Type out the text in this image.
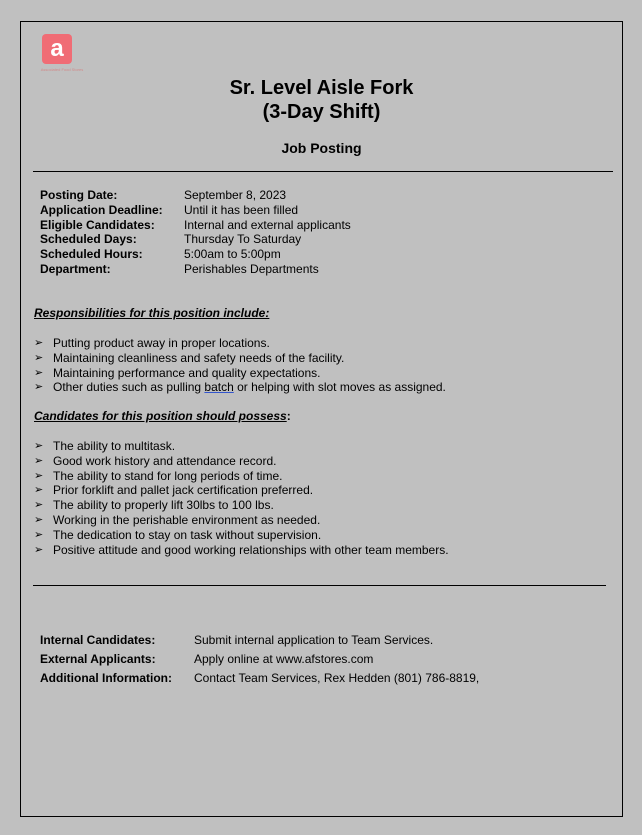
a
Associated Food Stores
Sr. Level Aisle Fork
(3-Day Shift)
Job Posting
Posting Date:	September 8, 2023
Application Deadline:	Until it has been filled
Eligible Candidates:	Internal and external applicants
Scheduled Days:	Thursday To Saturday
Scheduled Hours:	5:00am to 5:00pm
Department:	Perishables Departments
Responsibilities for this position include:
➢ Putting product away in proper locations.
➢ Maintaining cleanliness and safety needs of the facility.
➢ Maintaining performance and quality expectations.
➢ Other duties such as pulling batch or helping with slot moves as assigned.
Candidates for this position should possess:
➢ The ability to multitask.
➢ Good work history and attendance record.
➢ The ability to stand for long periods of time.
➢ Prior forklift and pallet jack certification preferred.
➢ The ability to properly lift 30lbs to 100 lbs.
➢ Working in the perishable environment as needed.
➢ The dedication to stay on task without supervision.
➢ Positive attitude and good working relationships with other team members.
Internal Candidates:	Submit internal application to Team Services.
External Applicants:	Apply online at www.afstores.com
Additional Information:	Contact Team Services, Rex Hedden (801) 786-8819,
